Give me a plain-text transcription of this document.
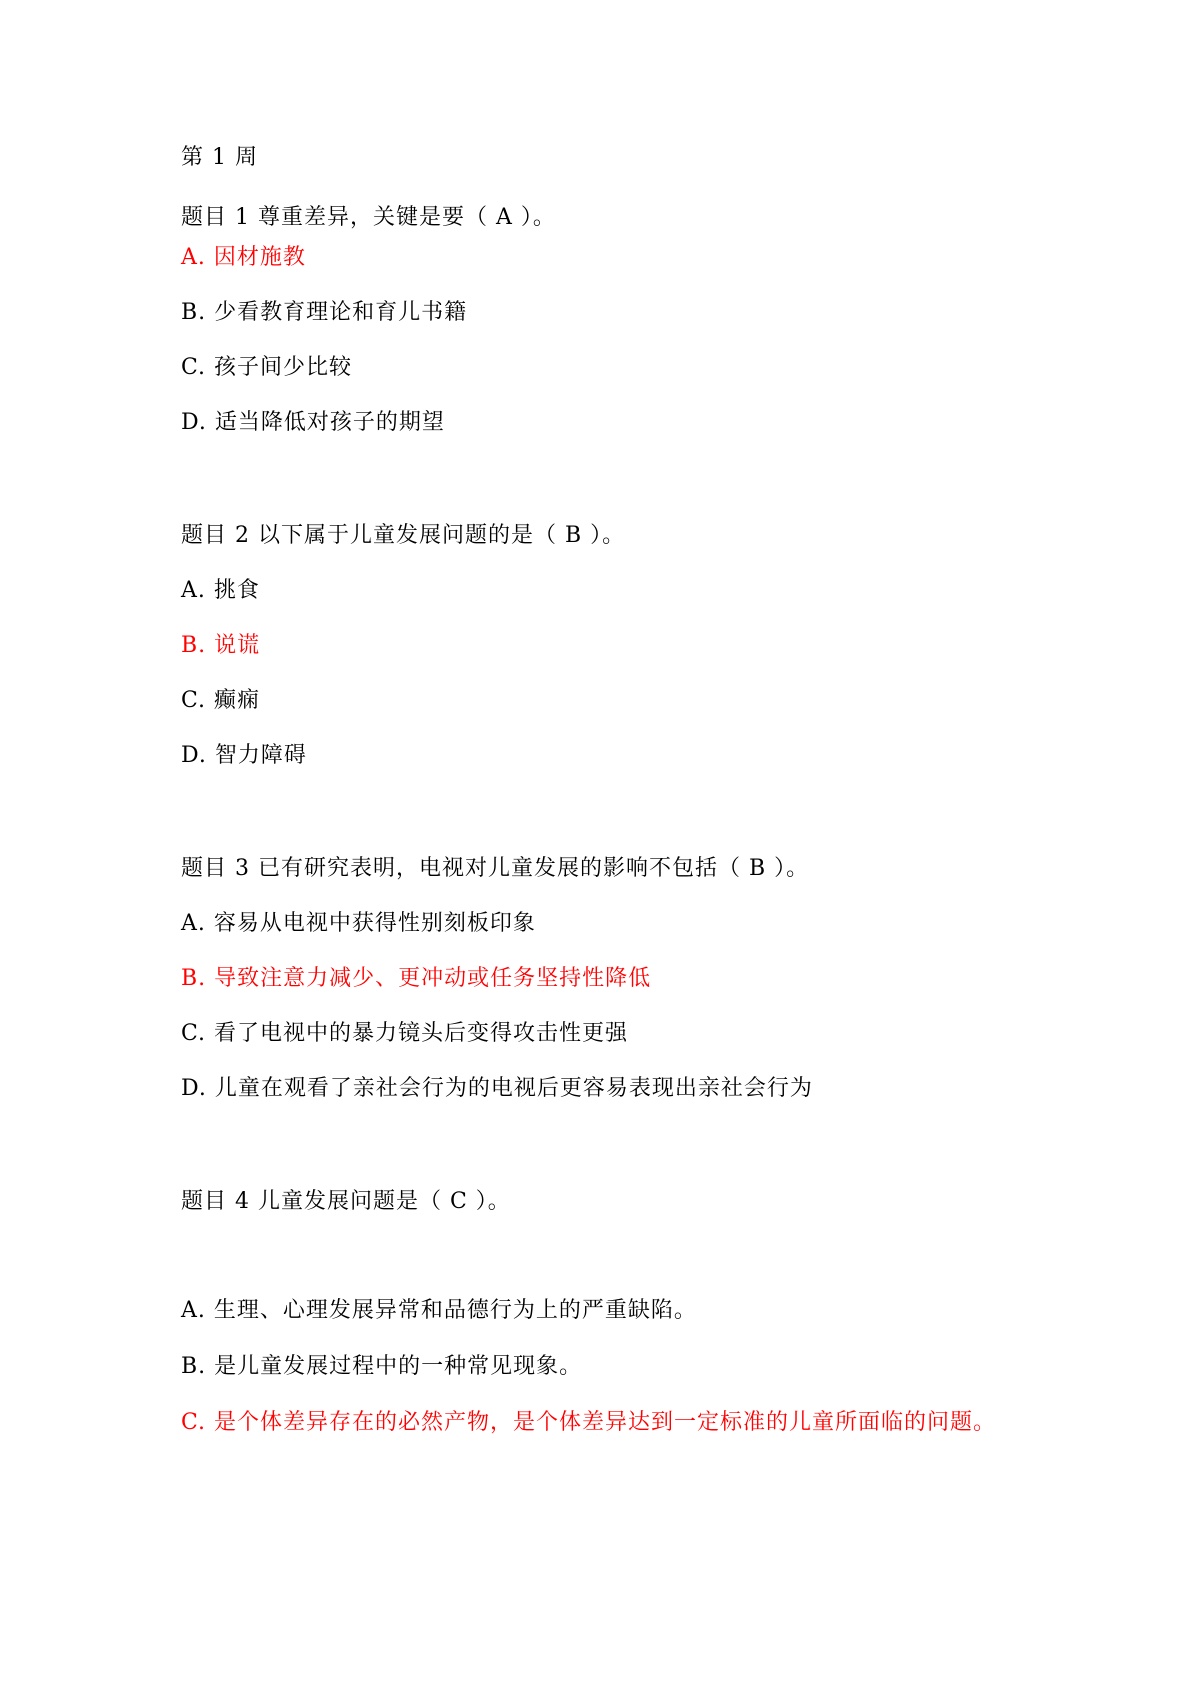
第 1 周
题目 1 尊重差异，关键是要（ A ）。
A. 因材施教
B. 少看教育理论和育儿书籍
C. 孩子间少比较
D. 适当降低对孩子的期望
题目 2 以下属于儿童发展问题的是（ B ）。
A. 挑食
B. 说谎
C. 癫痫
D. 智力障碍
题目 3 已有研究表明，电视对儿童发展的影响不包括（ B ）。
A. 容易从电视中获得性别刻板印象
B. 导致注意力减少、更冲动或任务坚持性降低
C. 看了电视中的暴力镜头后变得攻击性更强
D. 儿童在观看了亲社会行为的电视后更容易表现出亲社会行为
题目 4 儿童发展问题是（ C ）。
A. 生理、心理发展异常和品德行为上的严重缺陷。
B. 是儿童发展过程中的一种常见现象。
C. 是个体差异存在的必然产物，是个体差异达到一定标准的儿童所面临的问题。
